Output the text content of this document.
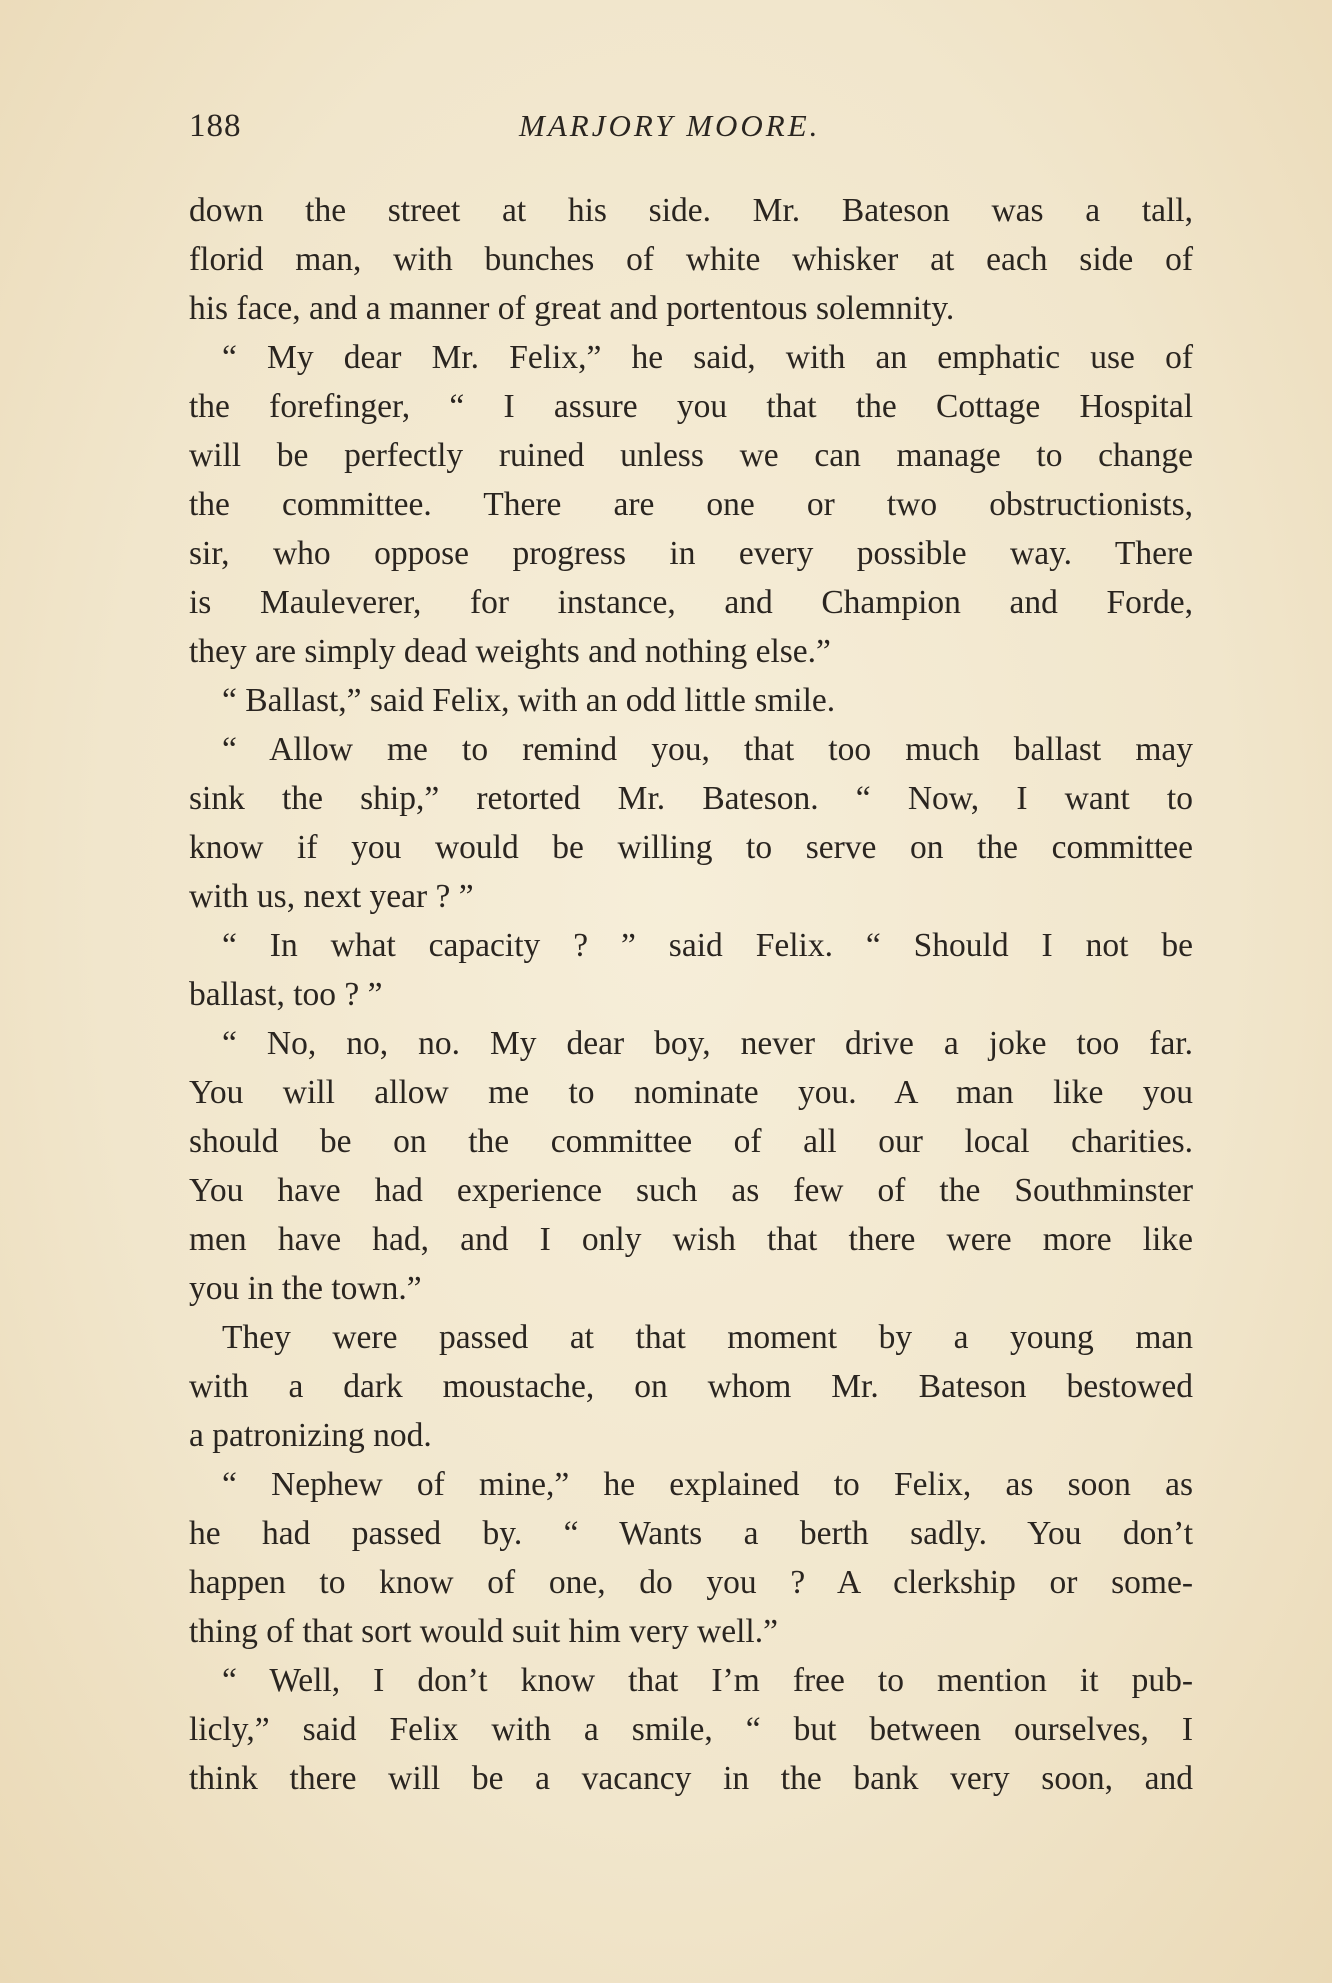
188	MARJORY MOORE.
down the street at his side. Mr. Bateson was a tall,
florid man, with bunches of white whisker at each side of
his face, and a manner of great and portentous solemnity.
“ My dear Mr. Felix,” he said, with an emphatic use of
the forefinger, “ I assure you that the Cottage Hospital
will be perfectly ruined unless we can manage to change
the committee. There are one or two obstructionists,
sir, who oppose progress in every possible way. There
is Mauleverer, for instance, and Champion and Forde,
they are simply dead weights and nothing else.”
“ Ballast,” said Felix, with an odd little smile.
“ Allow me to remind you, that too much ballast may
sink the ship,” retorted Mr. Bateson. “ Now, I want to
know if you would be willing to serve on the committee
with us, next year ? ”
“ In what capacity ? ” said Felix. “ Should I not be
ballast, too ? ”
“ No, no, no. My dear boy, never drive a joke too far.
You will allow me to nominate you. A man like you
should be on the committee of all our local charities.
You have had experience such as few of the Southminster
men have had, and I only wish that there were more like
you in the town.”
They were passed at that moment by a young man
with a dark moustache, on whom Mr. Bateson bestowed
a patronizing nod.
“ Nephew of mine,” he explained to Felix, as soon as
he had passed by. “ Wants a berth sadly. You don’t
happen to know of one, do you ? A clerkship or some-
thing of that sort would suit him very well.”
“ Well, I don’t know that I’m free to mention it pub-
licly,” said Felix with a smile, “ but between ourselves, I
think there will be a vacancy in the bank very soon, and
